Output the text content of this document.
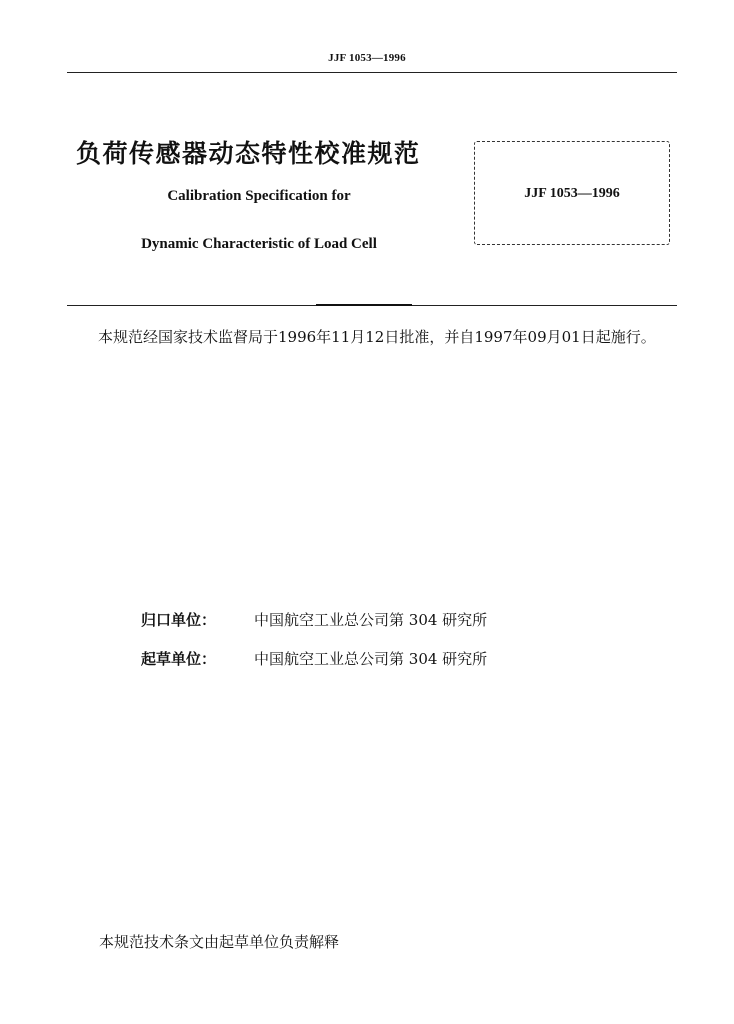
JJF 1053—1996
负荷传感器动态特性校准规范
Calibration Specification for
Dynamic Characteristic of Load Cell
JJF 1053—1996
本规范经国家技术监督局于1996年11月12日批准，并自1997年09月01日起施行。
归口单位：	中国航空工业总公司第 304 研究所
起草单位：	中国航空工业总公司第 304 研究所
本规范技术条文由起草单位负责解释
